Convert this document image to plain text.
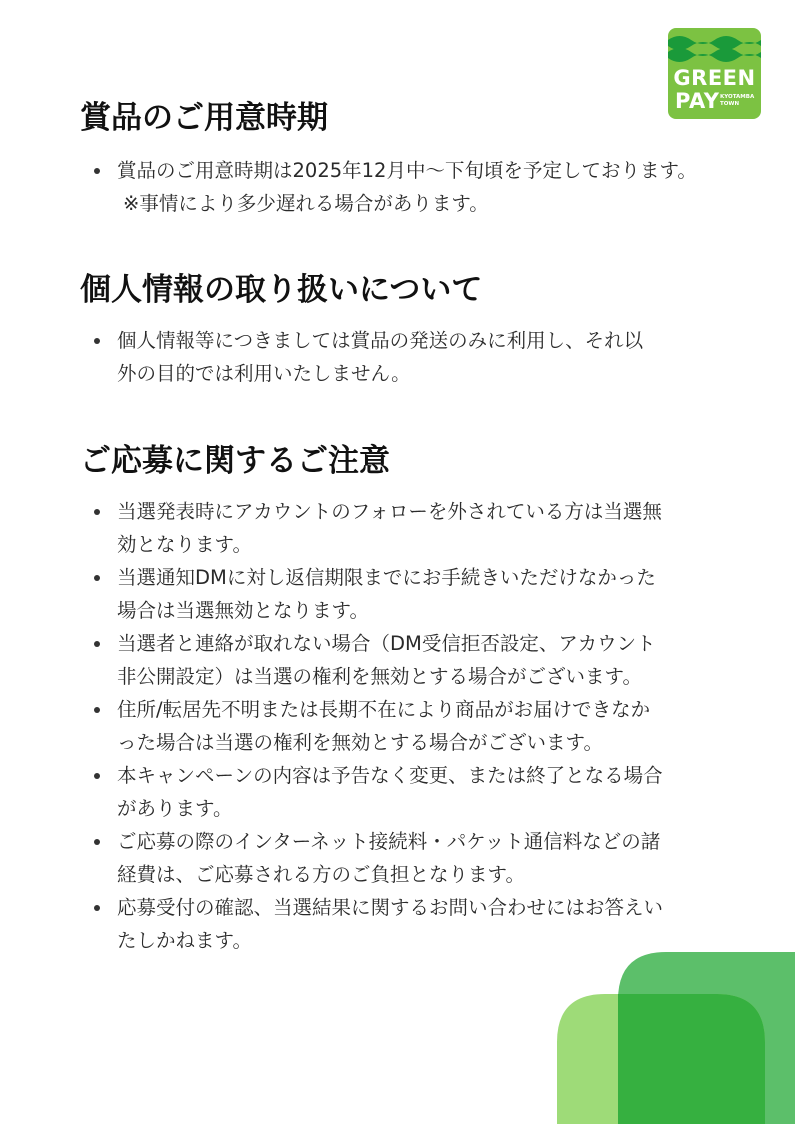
GREEN
PAY KYOTAMBA
TOWN
賞品のご用意時期
賞品のご用意時期は2025年12月中〜下旬頃を予定しております。
※事情により多少遅れる場合があります。
個人情報の取り扱いについて
個人情報等につきましては賞品の発送のみに利用し、それ以
外の目的では利用いたしません。
ご応募に関するご注意
当選発表時にアカウントのフォローを外されている方は当選無
効となります。
当選通知DMに対し返信期限までにお手続きいただけなかった
場合は当選無効となります。
当選者と連絡が取れない場合（DM受信拒否設定、アカウント
非公開設定）は当選の権利を無効とする場合がございます。
住所/転居先不明または長期不在により商品がお届けできなか
った場合は当選の権利を無効とする場合がございます。
本キャンペーンの内容は予告なく変更、または終了となる場合
があります。
ご応募の際のインターネット接続料・パケット通信料などの諸
経費は、ご応募される方のご負担となります。
応募受付の確認、当選結果に関するお問い合わせにはお答えい
たしかねます。
